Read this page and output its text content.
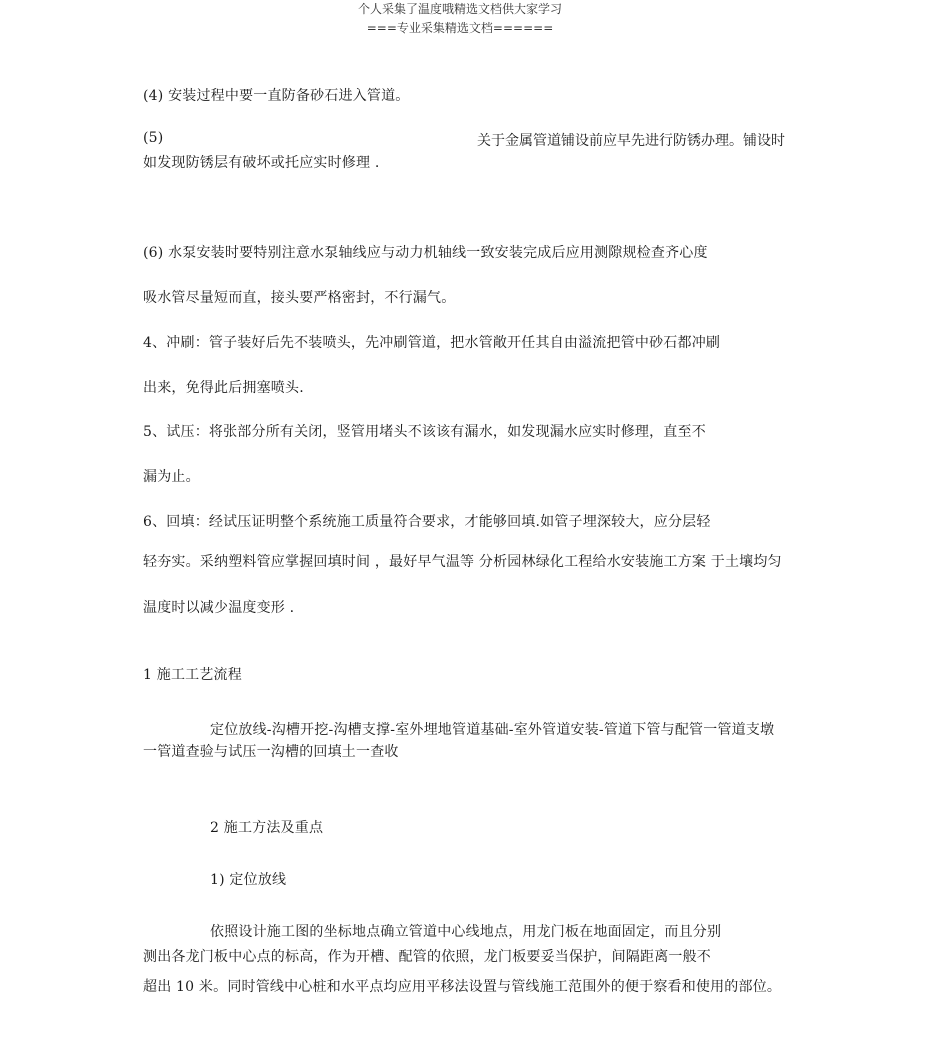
个人采集了温度哦精选文档供大家学习
===专业采集精选文档======
(4) 安装过程中要一直防备砂石进入管道。
(5)	关于金属管道铺设前应早先进行防锈办理。铺设时
如发现防锈层有破坏或托应实时修理 .
(6) 水泵安装时要特别注意水泵轴线应与动力机轴线一致安装完成后应用测隙规检查齐心度
吸水管尽量短而直，接头要严格密封，不行漏气。
4、冲刷：管子装好后先不装喷头，先冲刷管道，把水管敞开任其自由溢流把管中砂石都冲刷
出来，免得此后拥塞喷头.
5、试压：将张部分所有关闭，竖管用堵头不该该有漏水，如发现漏水应实时修理，直至不
漏为止。
6、回填：经试压证明整个系统施工质量符合要求，才能够回填.如管子埋深较大，应分层轻
轻夯实。采纳塑料管应掌握回填时间 ，最好早气温等 分析园林绿化工程给水安装施工方案 于土壤均匀
温度时以减少温度变形 .
1 施工工艺流程
定位放线-沟槽开挖-沟槽支撑-室外埋地管道基础-室外管道安装-管道下管与配管一管道支墩
一管道查验与试压一沟槽的回填土一查收
2 施工方法及重点
1) 定位放线
依照设计施工图的坐标地点确立管道中心线地点，用龙门板在地面固定，而且分别
测出各龙门板中心点的标高，作为开槽、配管的依照，龙门板要妥当保护，间隔距离一般不
超出 10 米。同时管线中心桩和水平点均应用平移法设置与管线施工范围外的便于察看和使用的部位。
